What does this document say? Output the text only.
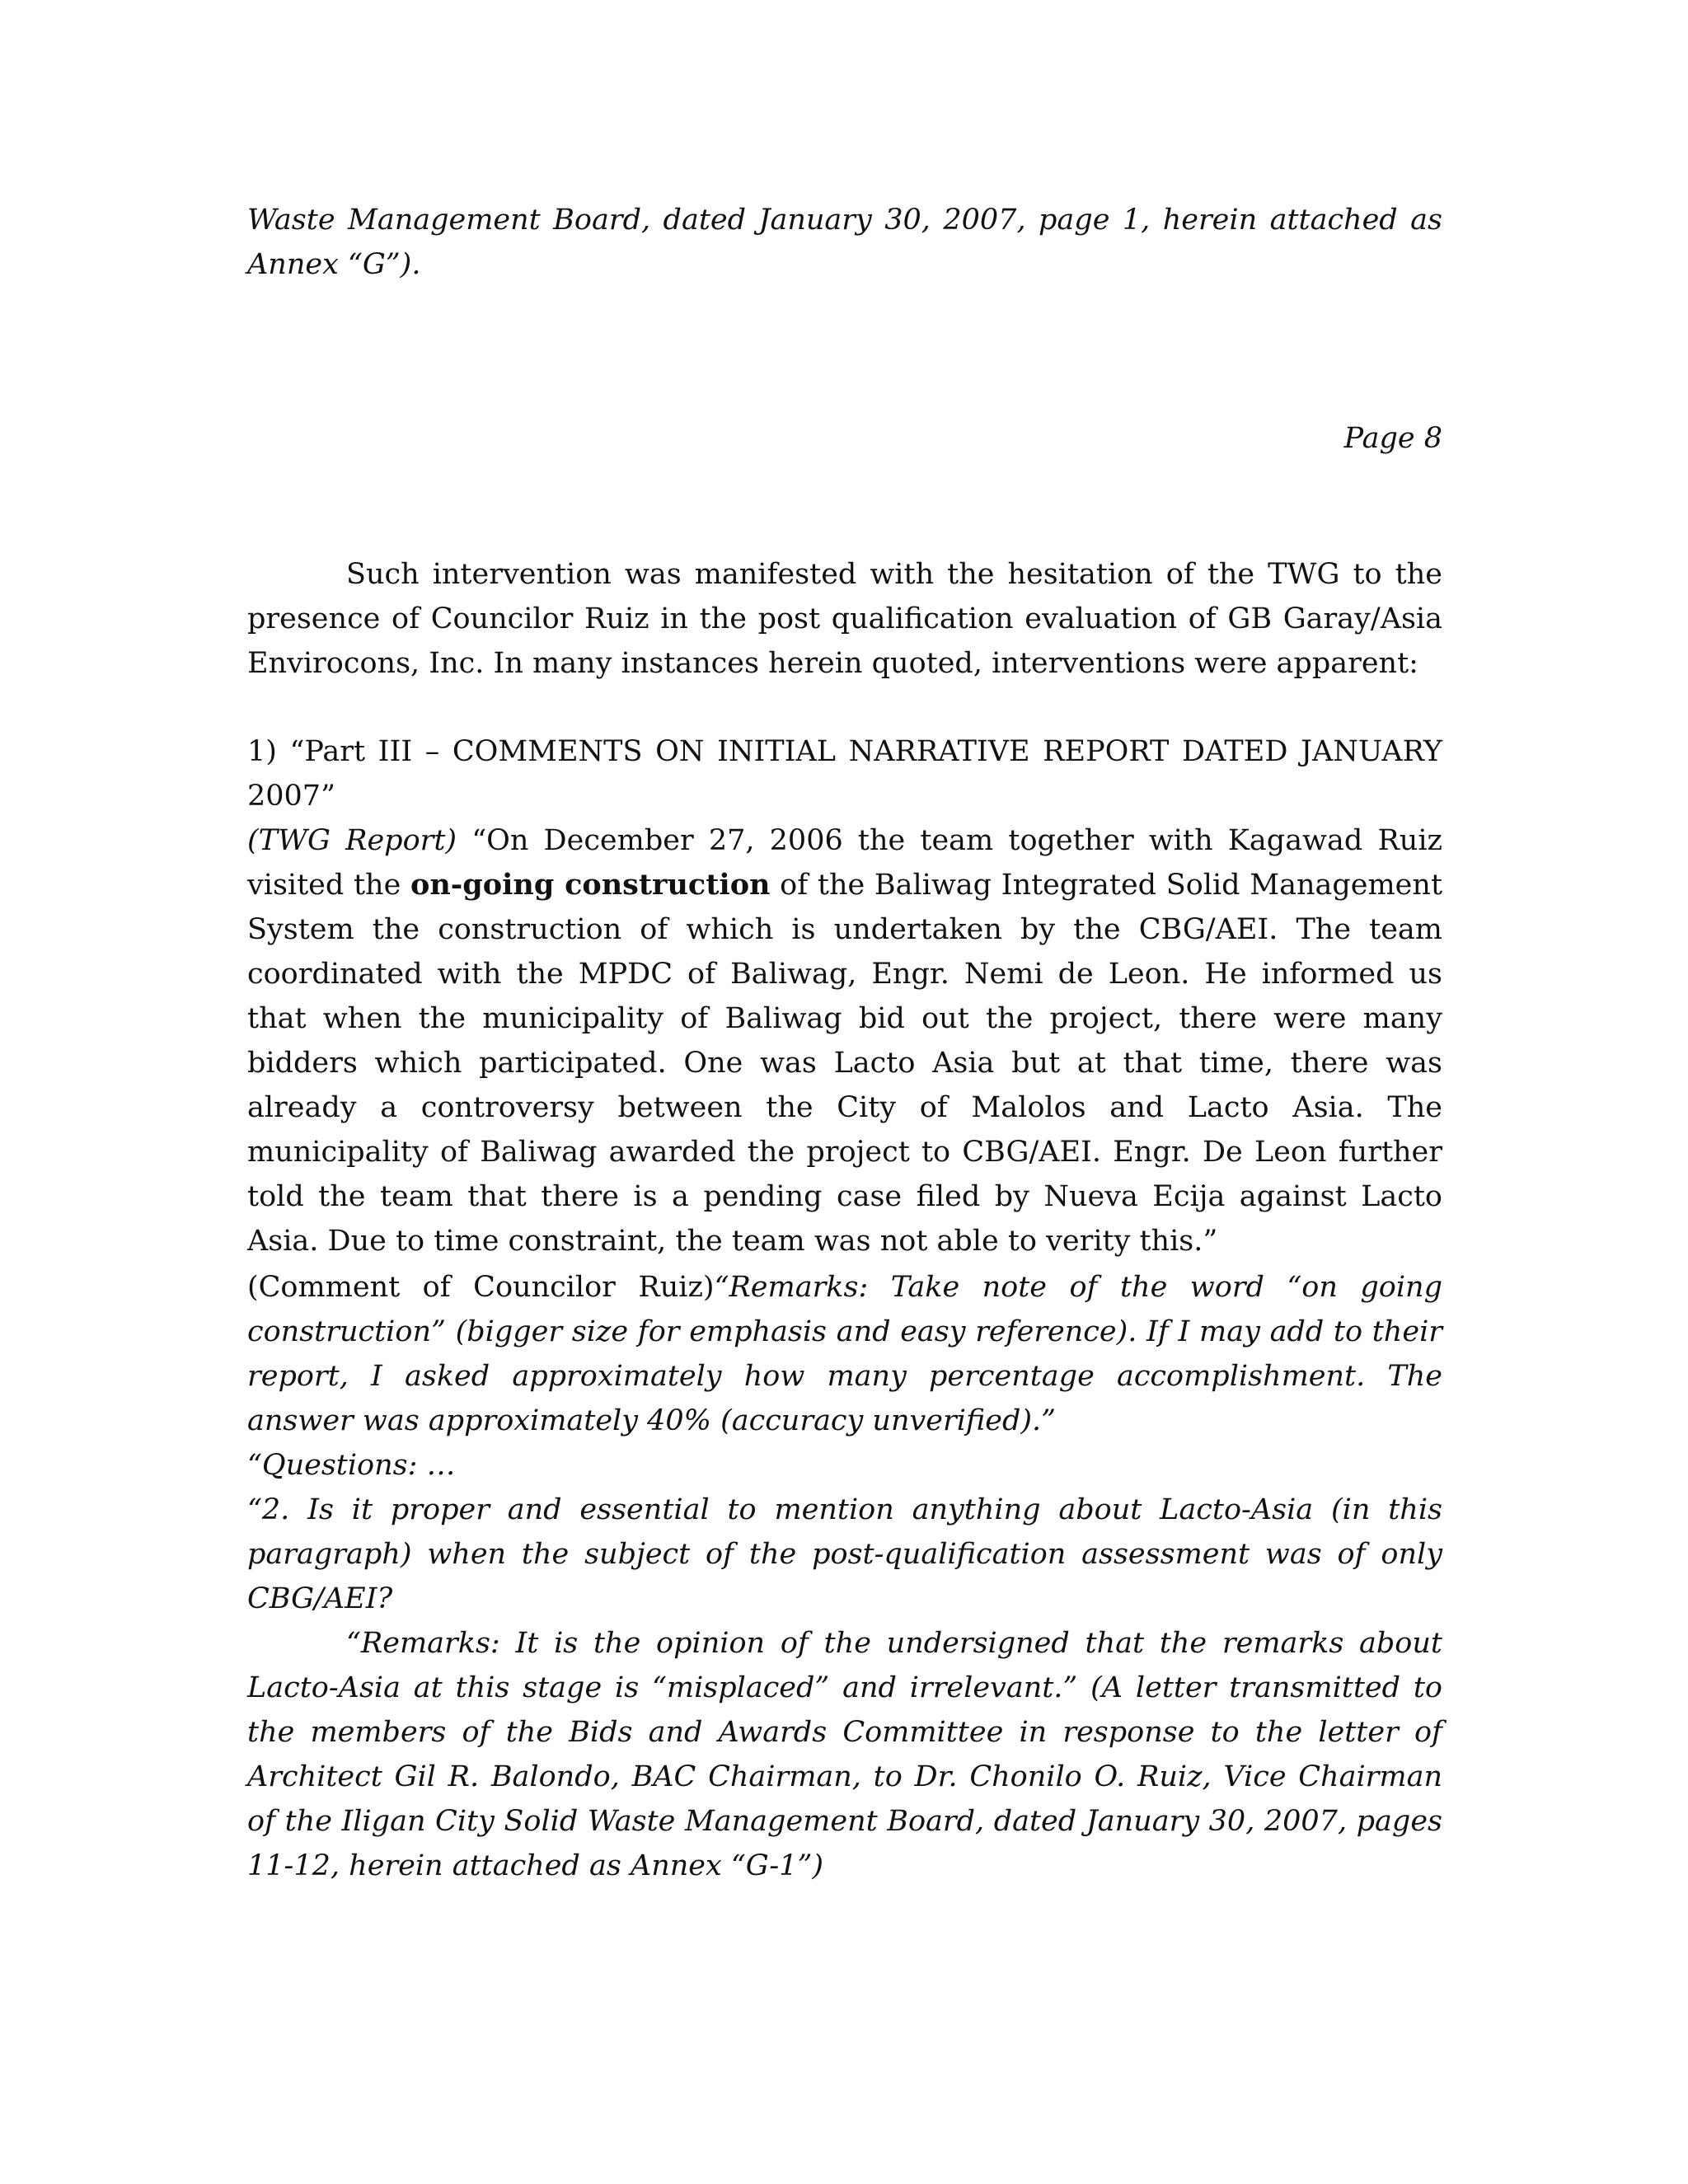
Waste Management Board, dated January 30, 2007, page 1, herein attached as Annex “G”).

Page 8

Such intervention was manifested with the hesitation of the TWG to the presence of Councilor Ruiz in the post qualification evaluation of GB Garay/Asia Envirocons, Inc. In many instances herein quoted, interventions were apparent:

1) “Part III – COMMENTS ON INITIAL NARRATIVE REPORT DATED JANUARY 2007”
(TWG Report) “On December 27, 2006 the team together with Kagawad Ruiz visited the on-going construction of the Baliwag Integrated Solid Management System the construction of which is undertaken by the CBG/AEI. The team coordinated with the MPDC of Baliwag, Engr. Nemi de Leon. He informed us that when the municipality of Baliwag bid out the project, there were many bidders which participated. One was Lacto Asia but at that time, there was already a controversy between the City of Malolos and Lacto Asia. The municipality of Baliwag awarded the project to CBG/AEI. Engr. De Leon further told the team that there is a pending case filed by Nueva Ecija against Lacto Asia. Due to time constraint, the team was not able to verity this.”

(Comment of Councilor Ruiz)“Remarks: Take note of the word “on going construction” (bigger size for emphasis and easy reference). If I may add to their report, I asked approximately how many percentage accomplishment. The answer was approximately 40% (accuracy unverified).”

“Questions: …

“2. Is it proper and essential to mention anything about Lacto-Asia (in this paragraph) when the subject of the post-qualification assessment was of only CBG/AEI?

“Remarks: It is the opinion of the undersigned that the remarks about Lacto-Asia at this stage is “misplaced” and irrelevant.” (A letter transmitted to the members of the Bids and Awards Committee in response to the letter of Architect Gil R. Balondo, BAC Chairman, to Dr. Chonilo O. Ruiz, Vice Chairman of the Iligan City Solid Waste Management Board, dated January 30, 2007, pages 11-12, herein attached as Annex “G-1”)
